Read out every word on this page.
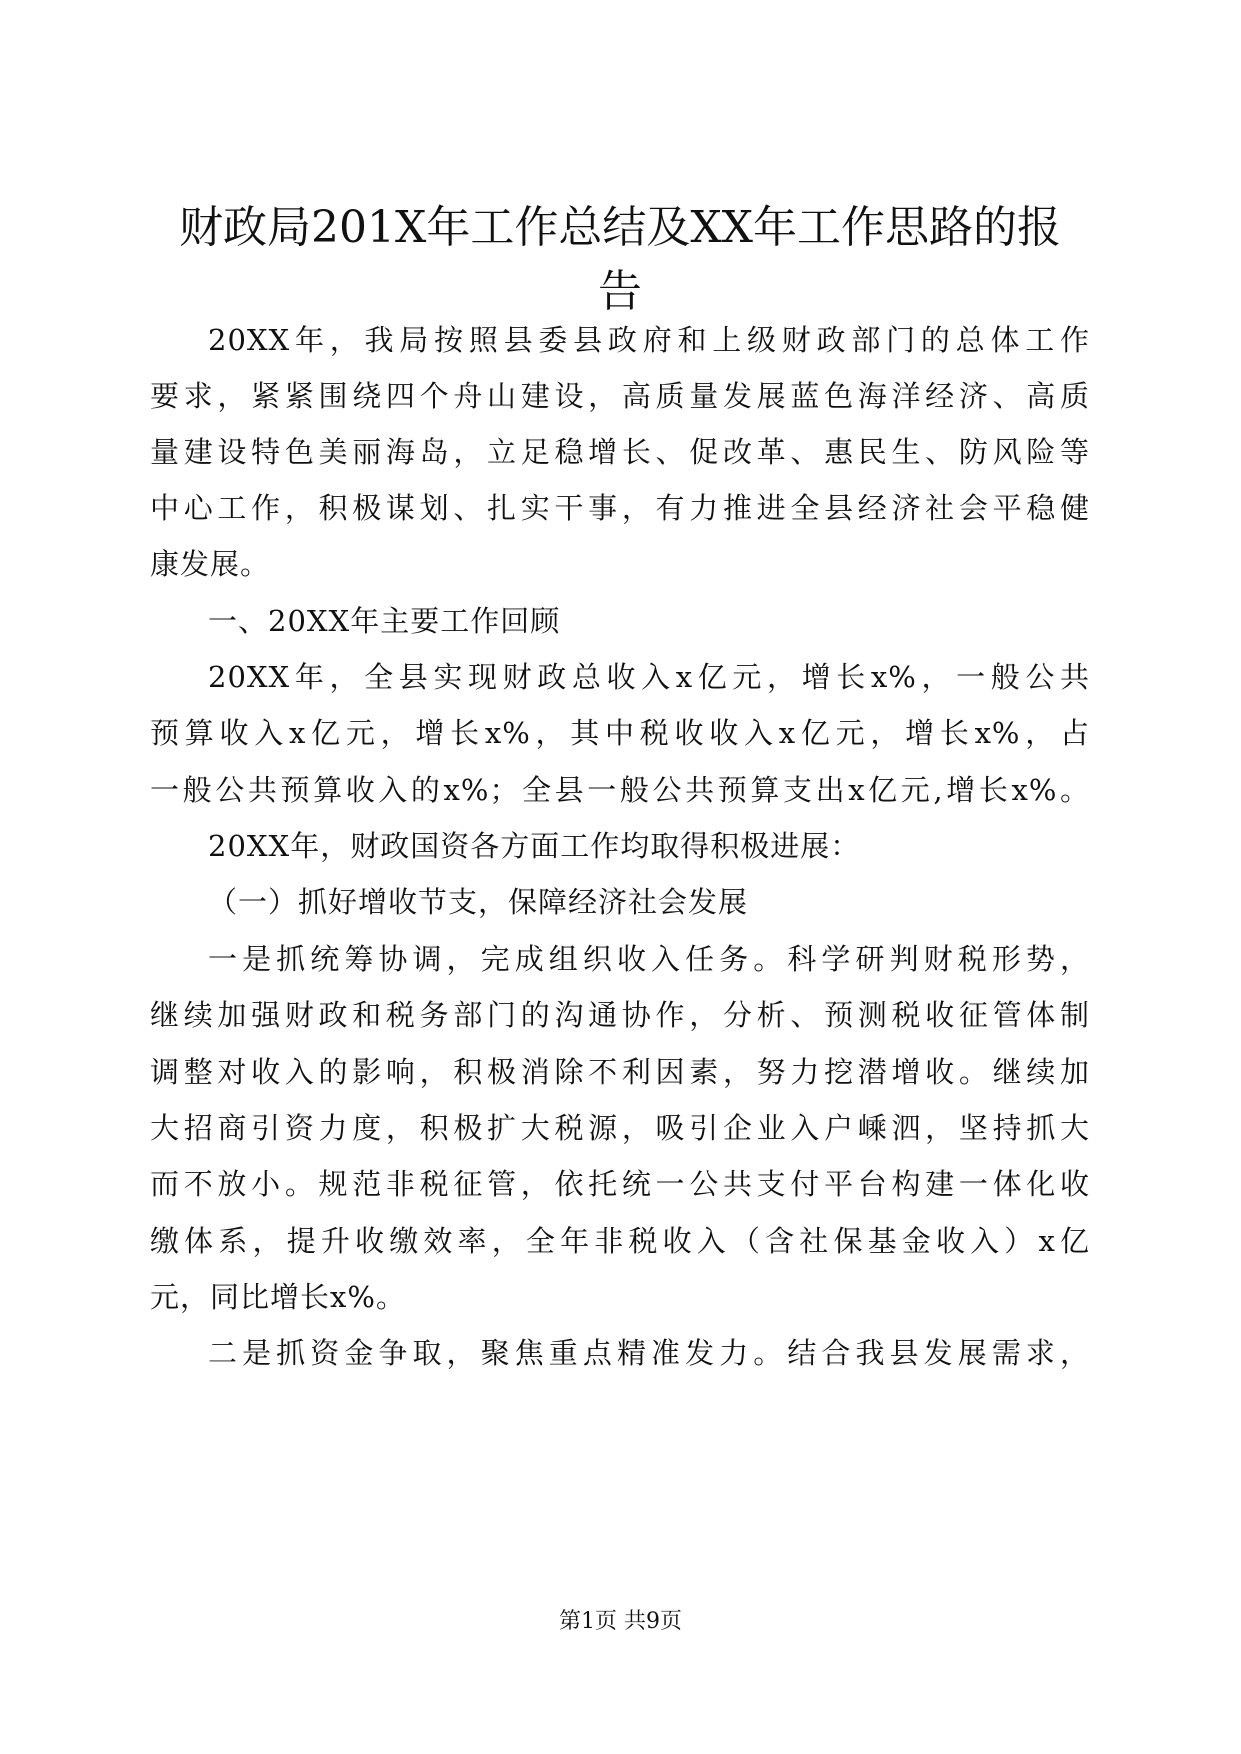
财政局201X年工作总结及XX年工作思路的报
告
20XX年，我局按照县委县政府和上级财政部门的总体工作
要求，紧紧围绕四个舟山建设，高质量发展蓝色海洋经济、高质
量建设特色美丽海岛，立足稳增长、促改革、惠民生、防风险等
中心工作，积极谋划、扎实干事，有力推进全县经济社会平稳健
康发展。
一、20XX年主要工作回顾
20XX年，全县实现财政总收入x亿元，增长x%，一般公共
预算收入x亿元，增长x%，其中税收收入x亿元，增长x%，占
一般公共预算收入的x%；全县一般公共预算支出x亿元,增长x%。
20XX年，财政国资各方面工作均取得积极进展：
（一）抓好增收节支，保障经济社会发展
一是抓统筹协调，完成组织收入任务。科学研判财税形势，
继续加强财政和税务部门的沟通协作，分析、预测税收征管体制
调整对收入的影响，积极消除不利因素，努力挖潜增收。继续加
大招商引资力度，积极扩大税源，吸引企业入户嵊泗，坚持抓大
而不放小。规范非税征管，依托统一公共支付平台构建一体化收
缴体系，提升收缴效率，全年非税收入（含社保基金收入）x亿
元，同比增长x%。
二是抓资金争取，聚焦重点精准发力。结合我县发展需求，
第1页 共9页
